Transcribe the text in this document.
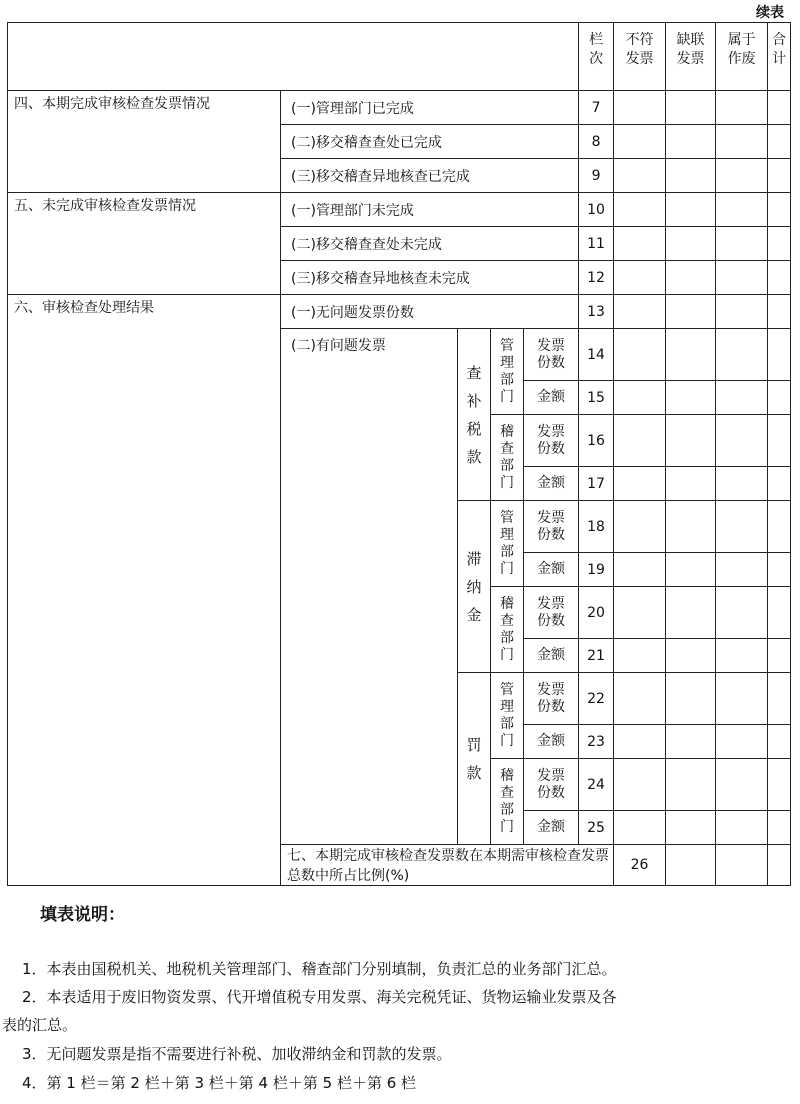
续表

					栏次	不符发票	缺联发票	属于作废	合计	

四、本期完成审核检查发票情况	(一)管理部门已完成				7					
	(二)移交稽查查处已完成				8					
	(三)移交稽查异地核查已完成				9					
五、未完成审核检查发票情况	(一)管理部门未完成				10					
	(二)移交稽查查处未完成				11					
	(三)移交稽查异地核查未完成				12					
六、审核检查处理结果	(一)无问题发票份数				13					
	(二)有问题发票	查补税款	管理部门	发票份数	14					

				金额	15					

			稽查部门	发票份数	16					

				金额	17					

		滞纳金	管理部门	发票份数	18					

				金额	19					

			稽查部门	发票份数	20					

				金额	21					

		罚款	管理部门	发票份数	22					

				金额	23					

			稽查部门	发票份数	24					

				金额	25					
	七、本期完成审核检查发票数在本期需审核检查发票总数中所占比例(%)					26				
填表说明：
1．本表由国税机关、地税机关管理部门、稽查部门分别填制，负责汇总的业务部门汇总。
2．本表适用于废旧物资发票、代开增值税专用发票、海关完税凭证、货物运输业发票及各
表的汇总。
3．无问题发票是指不需要进行补税、加收滞纳金和罚款的发票。
4．第 1 栏＝第 2 栏＋第 3 栏＋第 4 栏＋第 5 栏＋第 6 栏
